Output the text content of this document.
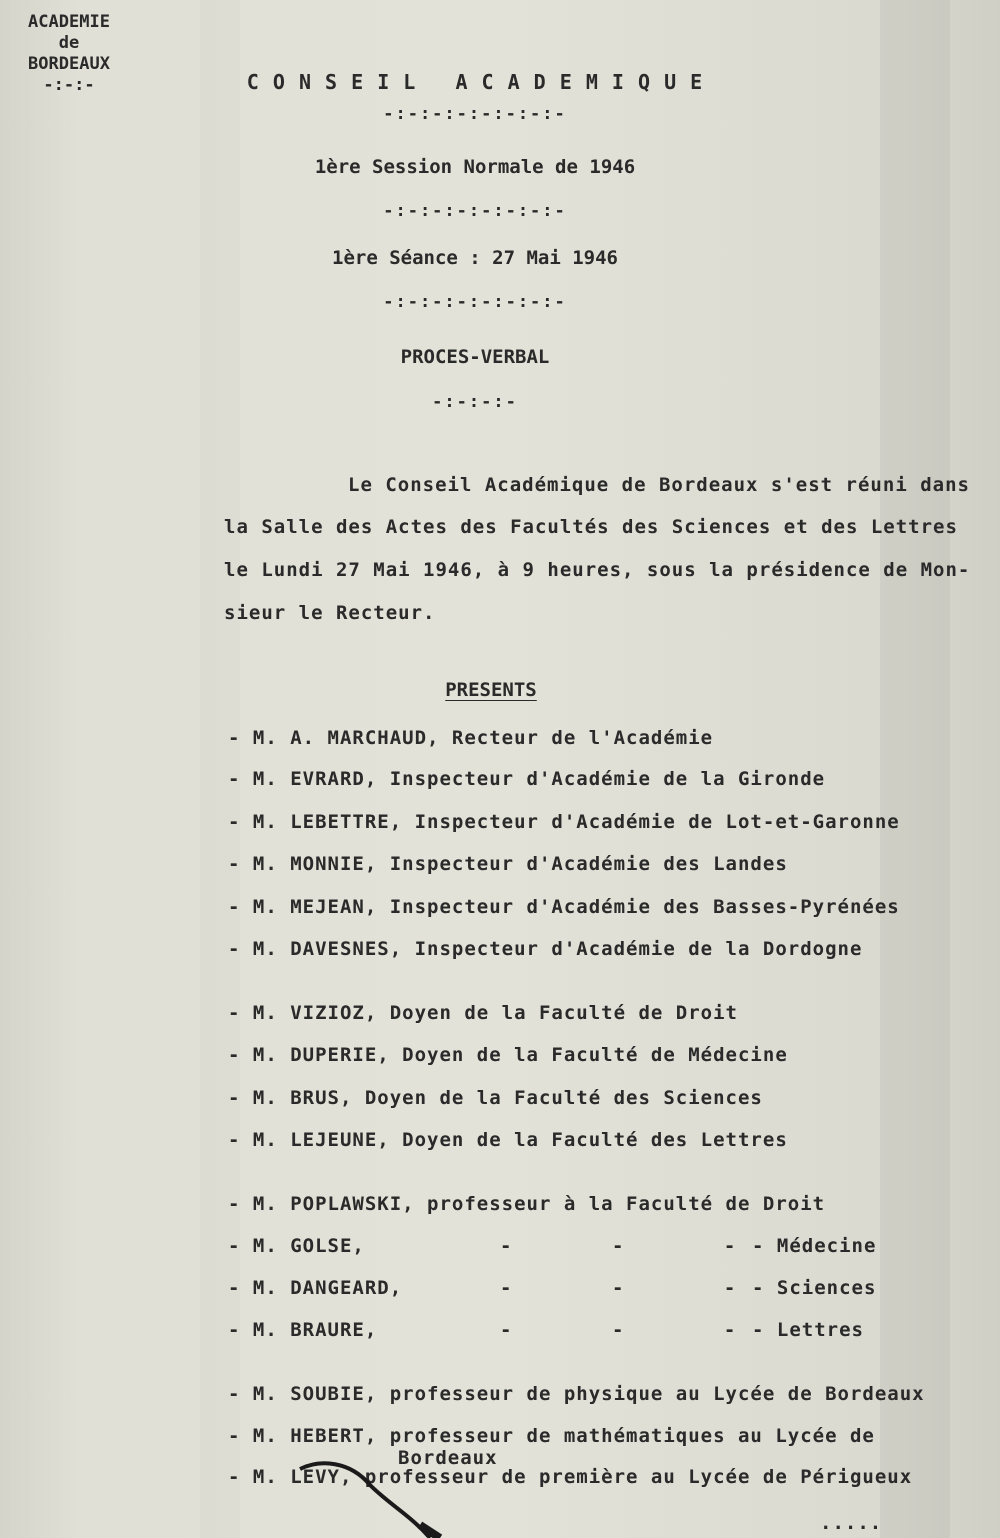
ACADEMIE
de
BORDEAUX
-:-:-	C O N S E I L   A C A D E M I Q U E
-:-:-:-:-:-:-:-
1ère Session Normale de 1946
-:-:-:-:-:-:-:-
1ère Séance : 27 Mai 1946
-:-:-:-:-:-:-:-
PROCES-VERBAL
-:-:-:-
Le Conseil Académique de Bordeaux s'est réuni dans
la Salle des Actes des Facultés des Sciences et des Lettres
le Lundi 27 Mai 1946, à 9 heures, sous la présidence de Mon-
sieur le Recteur.
PRESENTS
- M. A. MARCHAUD, Recteur de l'Académie
- M. EVRARD, Inspecteur d'Académie de la Gironde
- M. LEBETTRE, Inspecteur d'Académie de Lot-et-Garonne
- M. MONNIE, Inspecteur d'Académie des Landes
- M. MEJEAN, Inspecteur d'Académie des Basses-Pyrénées
- M. DAVESNES, Inspecteur d'Académie de la Dordogne
- M. VIZIOZ, Doyen de la Faculté de Droit
- M. DUPERIE, Doyen de la Faculté de Médecine
- M. BRUS, Doyen de la Faculté des Sciences
- M. LEJEUNE, Doyen de la Faculté des Lettres
- M. POPLAWSKI, professeur à la Faculté de Droit
- M. GOLSE,	-        -        - - Médecine
- M. DANGEARD,	-        -        - - Sciences
- M. BRAURE,	-        -        - - Lettres
- M. SOUBIE, professeur de physique au Lycée de Bordeaux
- M. HEBERT, professeur de mathématiques au Lycée de
Bordeaux
- M. LEVY, professeur de première au Lycée de Périgueux
.....
